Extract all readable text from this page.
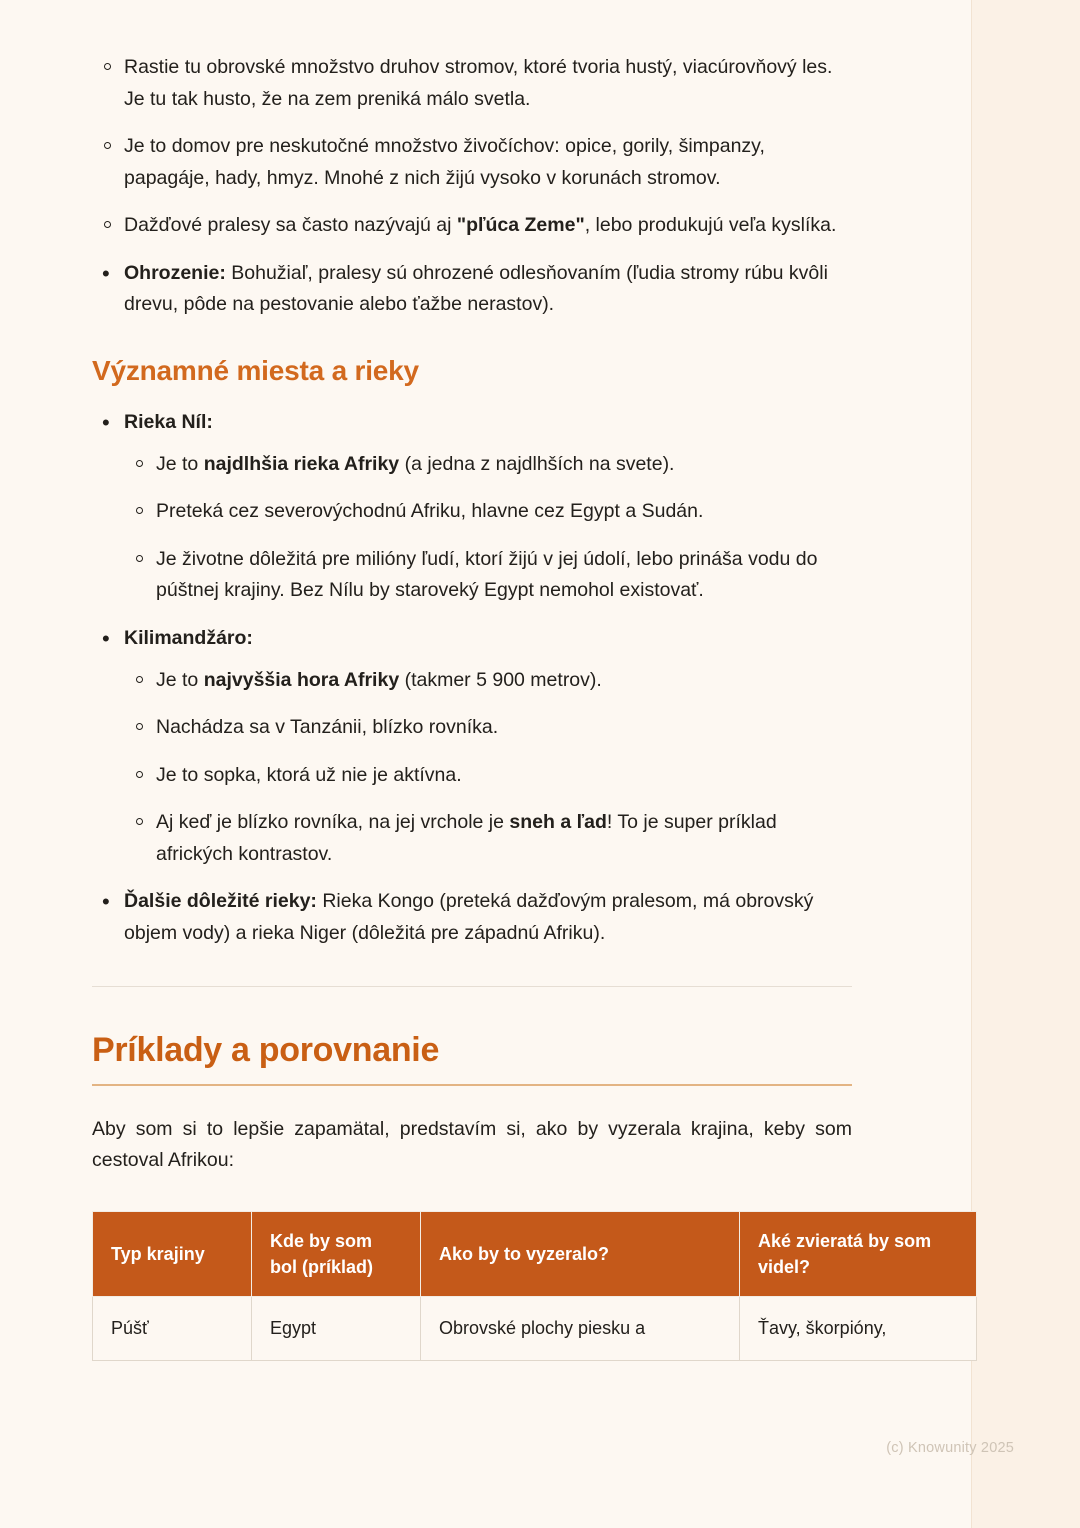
Rastie tu obrovské množstvo druhov stromov, ktoré tvoria hustý, viacúrovňový les. Je tu tak husto, že na zem preniká málo svetla.
Je to domov pre neskutočné množstvo živočíchov: opice, gorily, šimpanzy, papagáje, hady, hmyz. Mnohé z nich žijú vysoko v korunách stromov.
Dažďové pralesy sa často nazývajú aj "pľúca Zeme", lebo produkujú veľa kyslíka.
• Ohrozenie: Bohužiaľ, pralesy sú ohrozené odlesňovaním (ľudia stromy rúbu kvôli drevu, pôde na pestovanie alebo ťažbe nerastov).
Významné miesta a rieky
• Rieka Níl:
Je to najdlhšia rieka Afriky (a jedna z najdlhších na svete).
Preteká cez severovýchodnú Afriku, hlavne cez Egypt a Sudán.
Je životne dôležitá pre milióny ľudí, ktorí žijú v jej údolí, lebo prináša vodu do púštnej krajiny. Bez Nílu by staroveký Egypt nemohol existovať.
• Kilimandžáro:
Je to najvyššia hora Afriky (takmer 5 900 metrov).
Nachádza sa v Tanzánii, blízko rovníka.
Je to sopka, ktorá už nie je aktívna.
Aj keď je blízko rovníka, na jej vrchole je sneh a ľad! To je super príklad afrických kontrastov.
• Ďalšie dôležité rieky: Rieka Kongo (preteká dažďovým pralesom, má obrovský objem vody) a rieka Niger (dôležitá pre západnú Afriku).
Príklady a porovnanie

Aby som si to lepšie zapamätal, predstavím si, ako by vyzerala krajina, keby som cestoval Afrikou:

Typ krajiny	Kde by som bol (príklad)	Ako by to vyzeralo?	Aké zvieratá by som videl?
Púšť	Egypt	Obrovské plochy piesku a	Ťavy, škorpióny,
(c) Knowunity 2025
